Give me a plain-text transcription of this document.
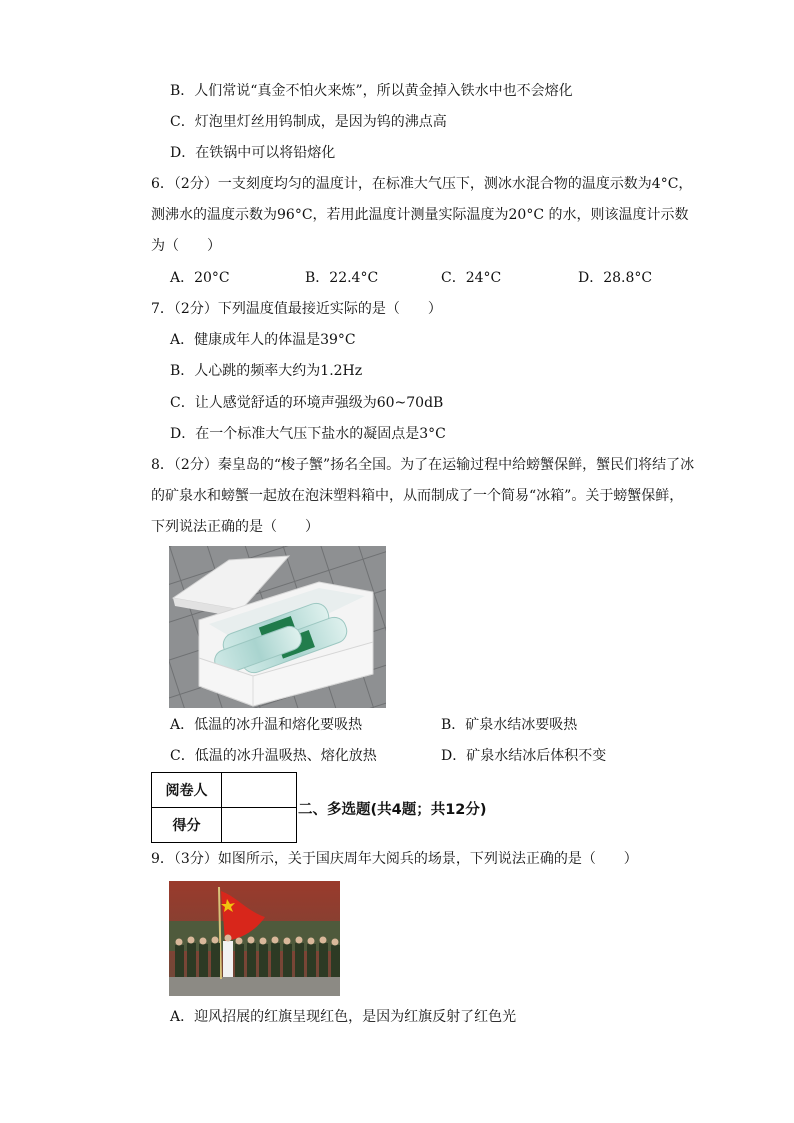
B．人们常说“真金不怕火来炼”，所以黄金掉入铁水中也不会熔化
C．灯泡里灯丝用钨制成，是因为钨的沸点高
D．在铁锅中可以将铅熔化
6．（2分）一支刻度均匀的温度计，在标准大气压下，测冰水混合物的温度示数为4°C，
测沸水的温度示数为96°C，若用此温度计测量实际温度为20°C 的水，则该温度计示数
为（　　）
A．20°C	B．22.4°C	C．24°C	D．28.8°C
7．（2分）下列温度值最接近实际的是（　　）
A．健康成年人的体温是39°C
B．人心跳的频率大约为1.2Hz
C．让人感觉舒适的环境声强级为60~70dB
D．在一个标准大气压下盐水的凝固点是3°C
8．（2分）秦皇岛的“梭子蟹”扬名全国。为了在运输过程中给螃蟹保鲜，蟹民们将结了冰
的矿泉水和螃蟹一起放在泡沫塑料箱中，从而制成了一个简易“冰箱”。关于螃蟹保鲜，
下列说法正确的是（　　）
A．低温的冰升温和熔化要吸热	B．矿泉水结冰要吸热
C．低温的冰升温吸热、熔化放热	D．矿泉水结冰后体积不变
阅卷人	
得分	
二、多选题(共4题；共12分)
9．（3分）如图所示，关于国庆周年大阅兵的场景，下列说法正确的是（　　）
A．迎风招展的红旗呈现红色，是因为红旗反射了红色光
